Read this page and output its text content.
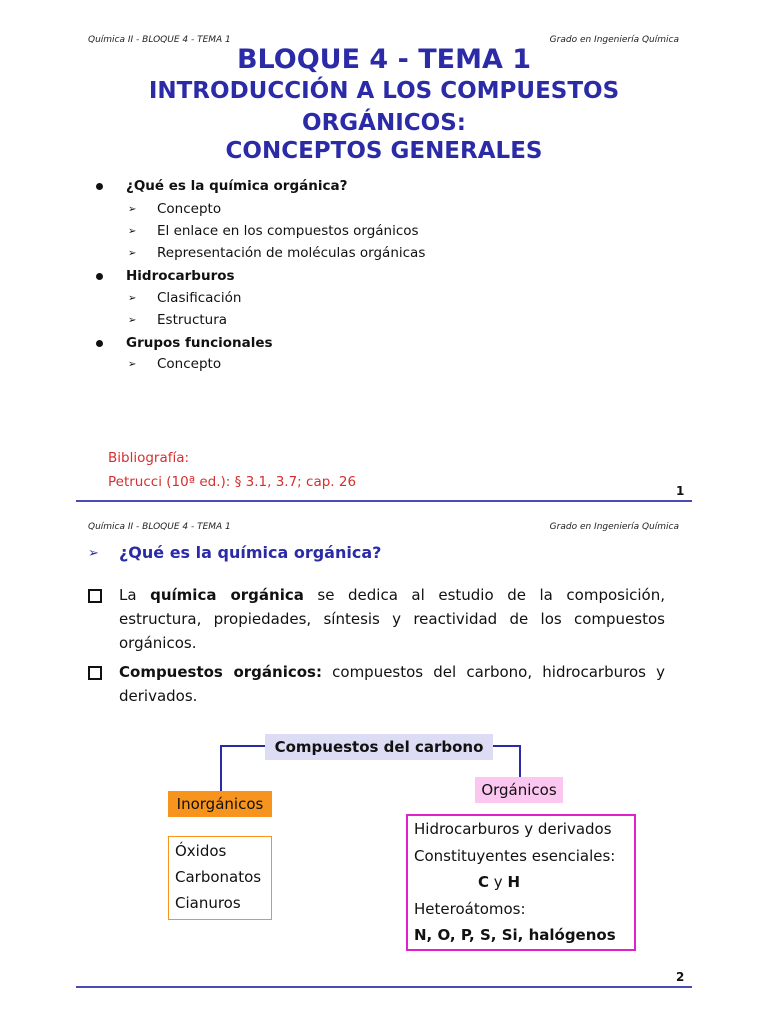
Química II - BLOQUE 4 - TEMA 1	Grado en Ingeniería Química
BLOQUE 4 - TEMA 1
INTRODUCCIÓN A LOS COMPUESTOS
ORGÁNICOS:
CONCEPTOS GENERALES
¿Qué es la química orgánica?
➢ Concepto
➢ El enlace en los compuestos orgánicos
➢ Representación de moléculas orgánicas
Hidrocarburos
➢ Clasificación
➢ Estructura
Grupos funcionales
➢ Concepto
Bibliografía:
Petrucci (10ª ed.): § 3.1, 3.7; cap. 26
1
Química II - BLOQUE 4 - TEMA 1	Grado en Ingeniería Química
➢ ¿Qué es la química orgánica?
La química orgánica se dedica al estudio de la composición, estructura, propiedades, síntesis y reactividad de los compuestos orgánicos.
Compuestos orgánicos: compuestos del carbono, hidrocarburos y derivados.
Compuestos del carbono
Inorgánicos
Óxidos
Carbonatos
Cianuros
Orgánicos
Hidrocarburos y derivados
Constituyentes esenciales:
C y H
Heteroátomos:
N, O, P, S, Si, halógenos
2
